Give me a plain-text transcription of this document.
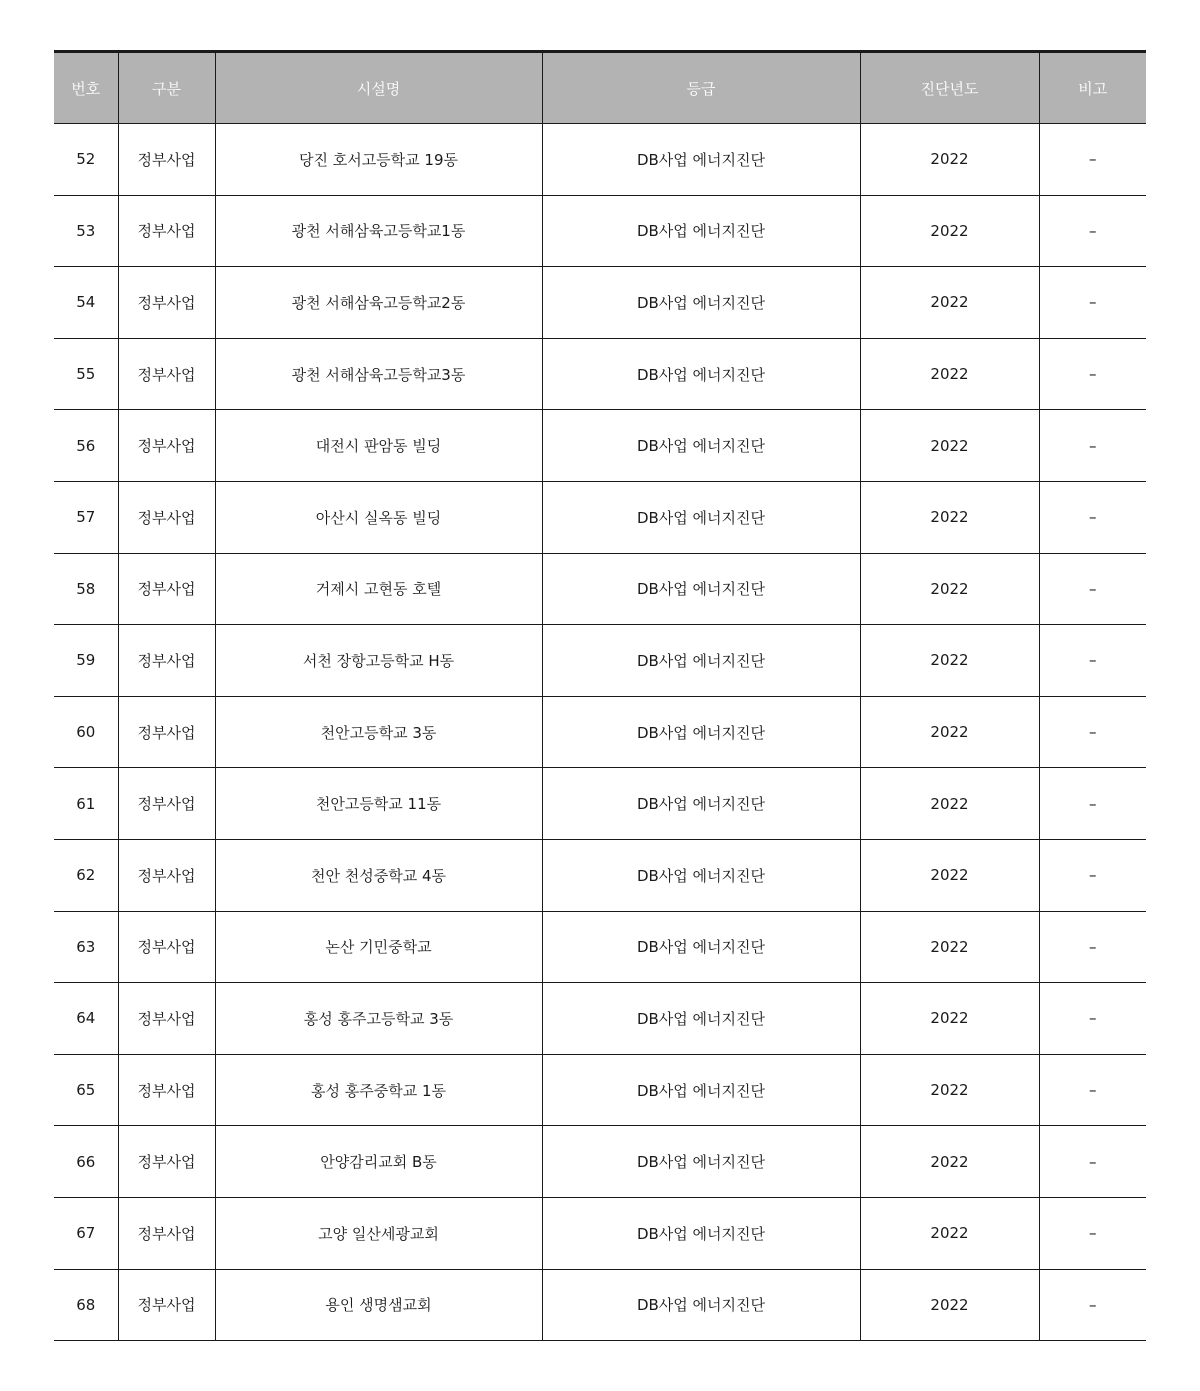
번호	구분	시설명	등급	진단년도	비고
52	정부사업	당진 호서고등학교 19동	DB사업 에너지진단	2022	–
53	정부사업	광천 서해삼육고등학교1동	DB사업 에너지진단	2022	–
54	정부사업	광천 서해삼육고등학교2동	DB사업 에너지진단	2022	–
55	정부사업	광천 서해삼육고등학교3동	DB사업 에너지진단	2022	–
56	정부사업	대전시 판암동 빌딩	DB사업 에너지진단	2022	–
57	정부사업	아산시 실옥동 빌딩	DB사업 에너지진단	2022	–
58	정부사업	거제시 고현동 호텔	DB사업 에너지진단	2022	–
59	정부사업	서천 장항고등학교 H동	DB사업 에너지진단	2022	–
60	정부사업	천안고등학교 3동	DB사업 에너지진단	2022	–
61	정부사업	천안고등학교 11동	DB사업 에너지진단	2022	–
62	정부사업	천안 천성중학교 4동	DB사업 에너지진단	2022	–
63	정부사업	논산 기민중학교	DB사업 에너지진단	2022	–
64	정부사업	홍성 홍주고등학교 3동	DB사업 에너지진단	2022	–
65	정부사업	홍성 홍주중학교 1동	DB사업 에너지진단	2022	–
66	정부사업	안양감리교회 B동	DB사업 에너지진단	2022	–
67	정부사업	고양 일산세광교회	DB사업 에너지진단	2022	–
68	정부사업	용인 생명샘교회	DB사업 에너지진단	2022	–
